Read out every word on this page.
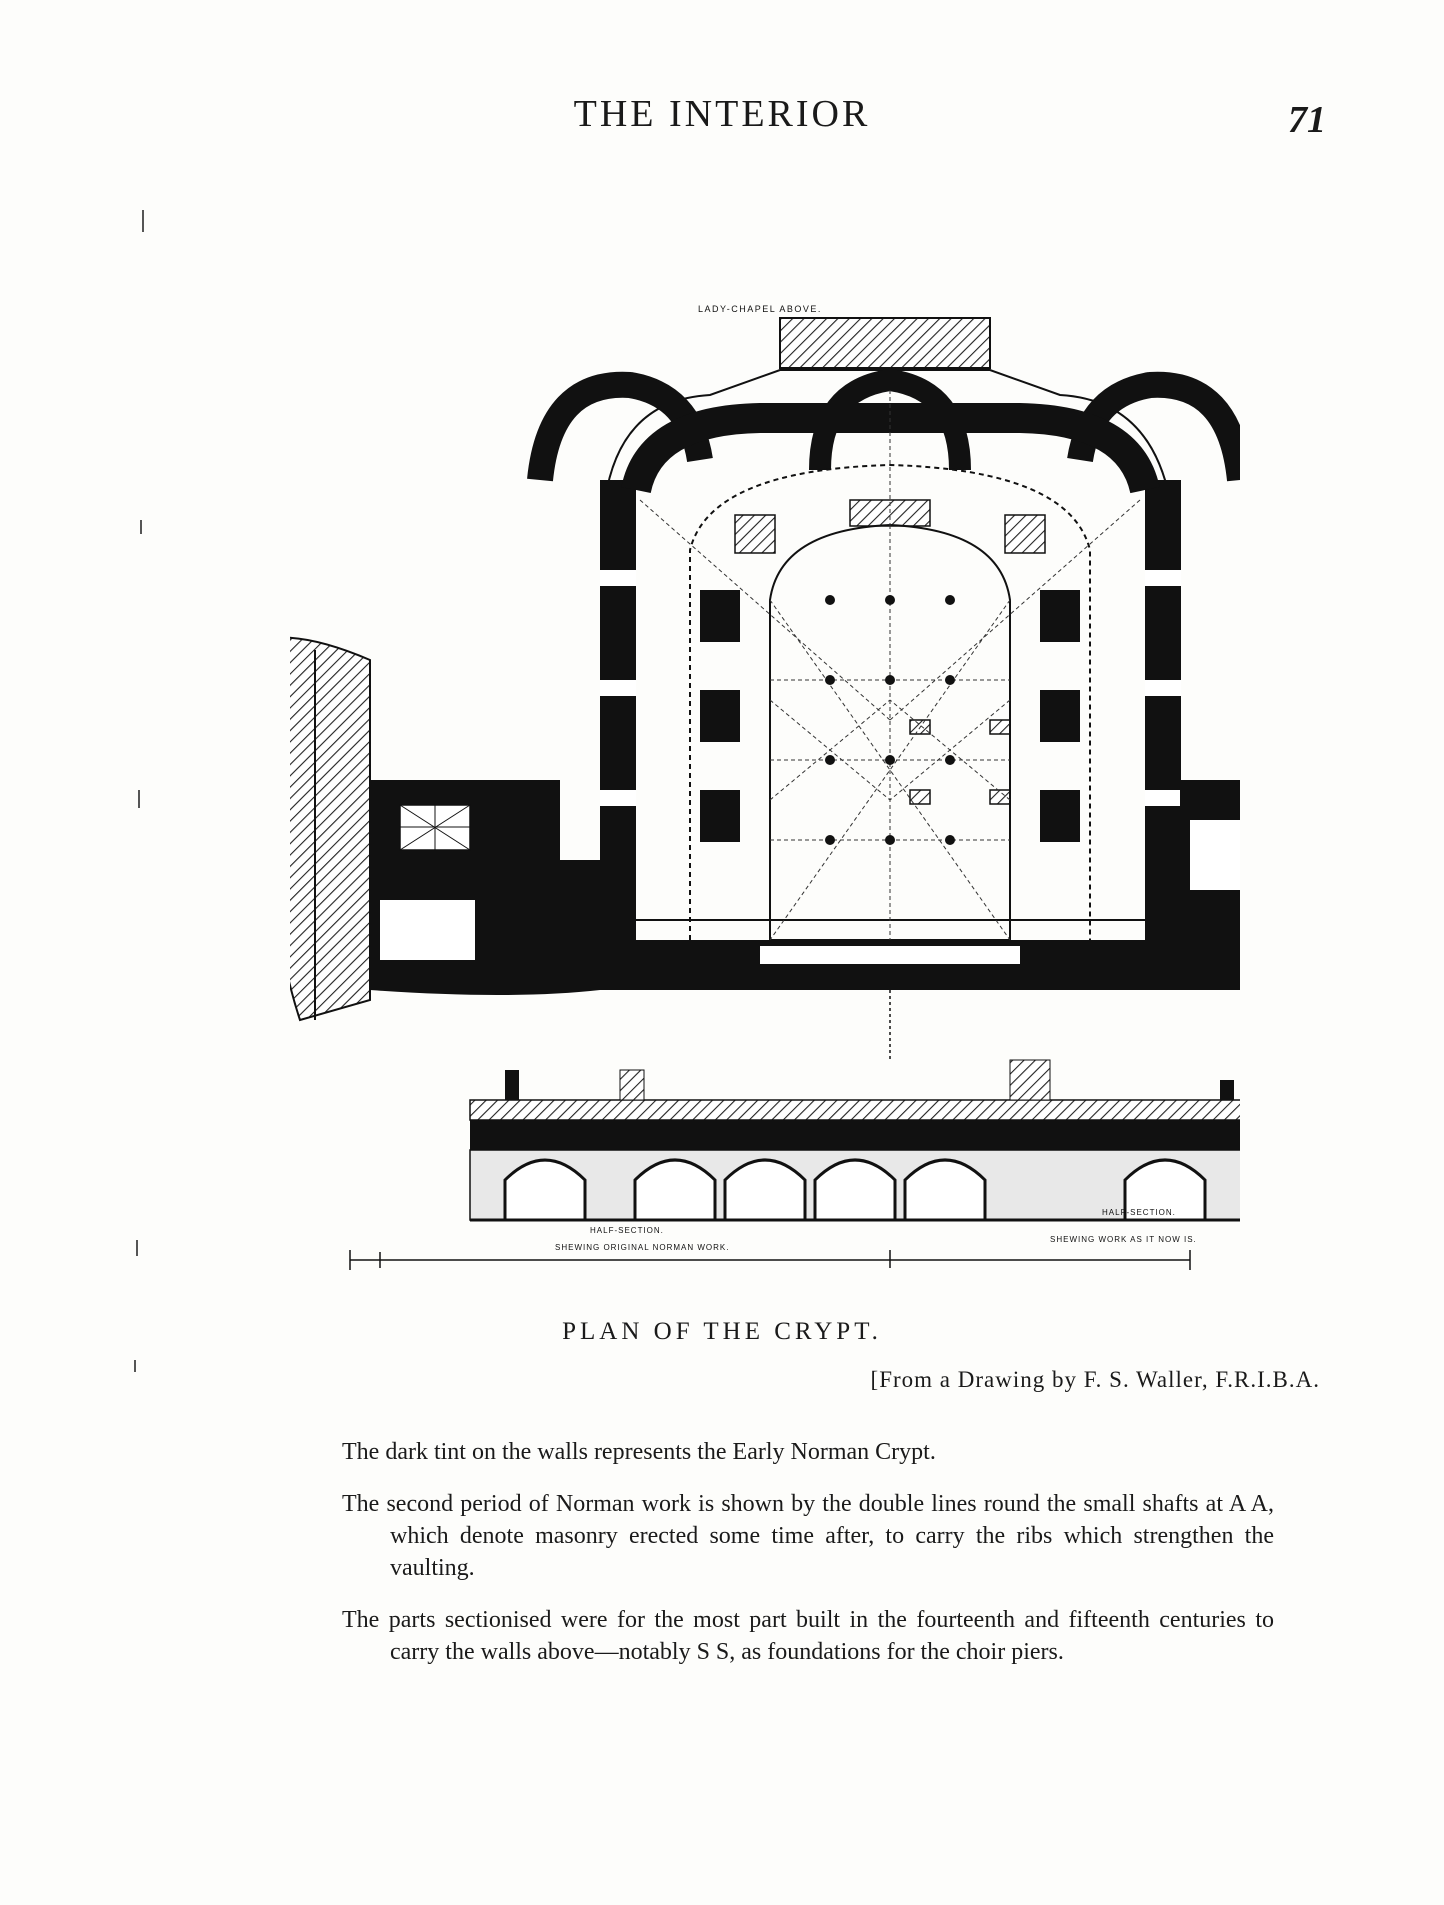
THE INTERIOR	71
LADY-CHAPEL ABOVE.
HALF-SECTION.
HALF-SECTION.
SHEWING ORIGINAL NORMAN WORK.
SHEWING WORK AS IT NOW IS.
PLAN OF THE CRYPT.
[From a Drawing by F. S. Waller, F.R.I.B.A.

The dark tint on the walls represents the Early Norman Crypt.

The second period of Norman work is shown by the double lines round the small shafts at A A, which denote masonry erected some time after, to carry the ribs which strengthen the vaulting.

The parts sectionised were for the most part built in the fourteenth and fifteenth centuries to carry the walls above—notably S S, as foundations for the choir piers.
